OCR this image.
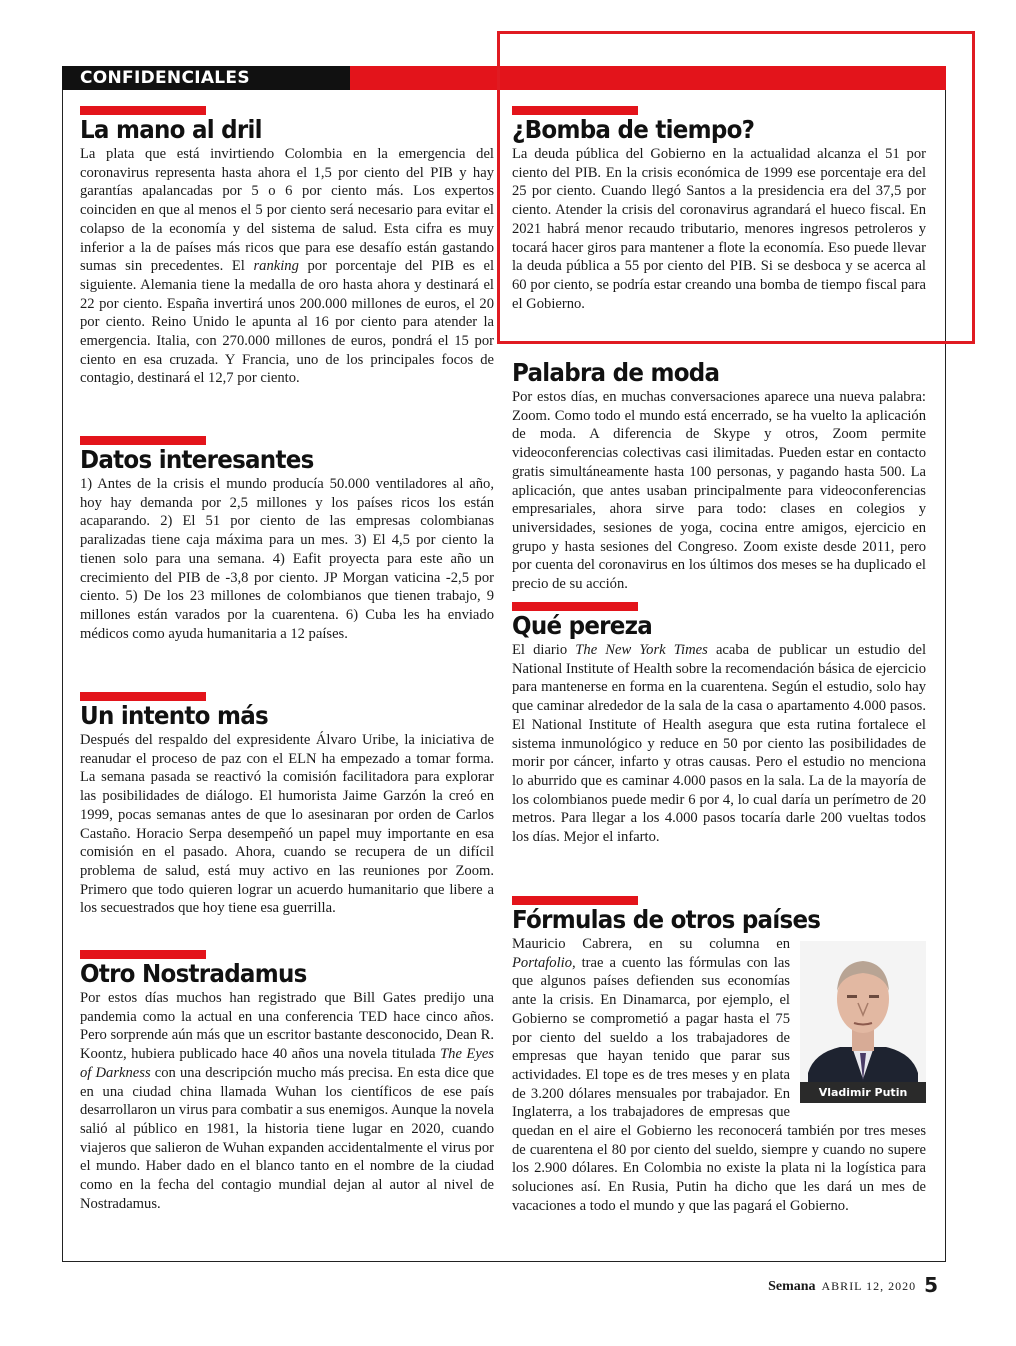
CONFIDENCIALES
La mano al dril

La plata que está invirtiendo Colombia en la emergencia del coronavirus representa hasta ahora el 1,5 por ciento del PIB y hay garantías apalancadas por 5 o 6 por ciento más. Los expertos coinciden en que al menos el 5 por ciento será necesario para evitar el colapso de la economía y del sistema de salud. Esta cifra es muy inferior a la de países más ricos que para ese desafío están gastando sumas sin precedentes. El ranking por porcentaje del PIB es el siguiente. Alemania tiene la medalla de oro hasta ahora y destinará el 22 por ciento. España invertirá unos 200.000 millones de euros, el 20 por ciento. Reino Unido le apunta al 16 por ciento para atender la emergencia. Italia, con 270.000 millones de euros, pondrá el 15 por ciento en esa cruzada. Y Francia, uno de los principales focos de contagio, destinará el 12,7 por ciento.

Datos interesantes

1) Antes de la crisis el mundo producía 50.000 ventiladores al año, hoy hay demanda por 2,5 millones y los países ricos los están acaparando. 2) El 51 por ciento de las empresas colombianas paralizadas tiene caja máxima para un mes. 3) El 4,5 por ciento la tienen solo para una semana. 4) Eafit proyecta para este año un crecimiento del PIB de -3,8 por ciento. JP Morgan vaticina -2,5 por ciento. 5) De los 23 millones de colombianos que tienen trabajo, 9 millones están varados por la cuarentena. 6) Cuba les ha enviado médicos como ayuda humanitaria a 12 países.

Un intento más

Después del respaldo del expresidente Álvaro Uribe, la iniciativa de reanudar el proceso de paz con el ELN ha empezado a tomar forma. La semana pasada se reactivó la comisión facilitadora para explorar las posibilidades de diálogo. El humorista Jaime Garzón la creó en 1999, pocas semanas antes de que lo asesinaran por orden de Carlos Castaño. Horacio Serpa desempeñó un papel muy importante en esa comisión en el pasado. Ahora, cuando se recupera de un difícil problema de salud, está muy activo en las reuniones por Zoom. Primero que todo quieren lograr un acuerdo humanitario que libere a los secuestrados que hoy tiene esa guerrilla.

Otro Nostradamus

Por estos días muchos han registrado que Bill Gates predijo una pandemia como la actual en una conferencia TED hace cinco años. Pero sorprende aún más que un escritor bastante desconocido, Dean R. Koontz, hubiera publicado hace 40 años una novela titulada The Eyes of Darkness con una descripción mucho más precisa. En esta dice que en una ciudad china llamada Wuhan los científicos de ese país desarrollaron un virus para combatir a sus enemigos. Aunque la novela salió al público en 1981, la historia tiene lugar en 2020, cuando viajeros que salieron de Wuhan expanden accidentalmente el virus por el mundo. Haber dado en el blanco tanto en el nombre de la ciudad como en la fecha del contagio mundial dejan al autor al nivel de Nostradamus.

¿Bomba de tiempo?

La deuda pública del Gobierno en la actualidad alcanza el 51 por ciento del PIB. En la crisis económica de 1999 ese porcentaje era del 25 por ciento. Cuando llegó Santos a la presidencia era del 37,5 por ciento. Atender la crisis del coronavirus agrandará el hueco fiscal. En 2021 habrá menor recaudo tributario, menores ingresos petroleros y tocará hacer giros para mantener a flote la economía. Eso puede llevar la deuda pública a 55 por ciento del PIB. Si se desboca y se acerca al 60 por ciento, se podría estar creando una bomba de tiempo fiscal para el Gobierno.

Palabra de moda

Por estos días, en muchas conversaciones aparece una nueva palabra: Zoom. Como todo el mundo está encerrado, se ha vuelto la aplicación de moda. A diferencia de Skype y otros, Zoom permite videoconferencias colectivas casi ilimitadas. Pueden estar en contacto gratis simultáneamente hasta 100 personas, y pagando hasta 500. La aplicación, que antes usaban principalmente para videoconferencias empresariales, ahora sirve para todo: clases en colegios y universidades, sesiones de yoga, cocina entre amigos, ejercicio en grupo y hasta sesiones del Congreso. Zoom existe desde 2011, pero por cuenta del coronavirus en los últimos dos meses se ha duplicado el precio de su acción.

Qué pereza

El diario The New York Times acaba de publicar un estudio del National Institute of Health sobre la recomendación básica de ejercicio para mantenerse en forma en la cuarentena. Según el estudio, solo hay que caminar alrededor de la sala de la casa o apartamento 4.000 pasos. El National Institute of Health asegura que esta rutina fortalece el sistema inmunológico y reduce en 50 por ciento las posibilidades de morir por cáncer, infarto y otras causas. Pero el estudio no menciona lo aburrido que es caminar 4.000 pasos en la sala. La de la mayoría de los colombianos puede medir 6 por 4, lo cual daría un perímetro de 20 metros. Para llegar a los 4.000 pasos tocaría darle 200 vueltas todos los días. Mejor el infarto.

Fórmulas de otros países

Vladimir Putin
Mauricio Cabrera, en su columna en Portafolio, trae a cuento las fórmulas con las que algunos países defienden sus economías ante la crisis. En Dinamarca, por ejemplo, el Gobierno se comprometió a pagar hasta el 75 por ciento del sueldo a los trabajadores de empresas que hayan tenido que parar sus actividades. El tope es de tres meses y en plata de 3.200 dólares mensuales por trabajador. En Inglaterra, a los trabajadores de empresas que quedan en el aire el Gobierno les reconocerá también por tres meses de cuarentena el 80 por ciento del sueldo, siempre y cuando no supere los 2.900 dólares. En Colombia no existe la plata ni la logística para soluciones así. En Rusia, Putin ha dicho que les dará un mes de vacaciones a todo el mundo y que las pagará el Gobierno.

Semana ABRIL 12, 2020 5
